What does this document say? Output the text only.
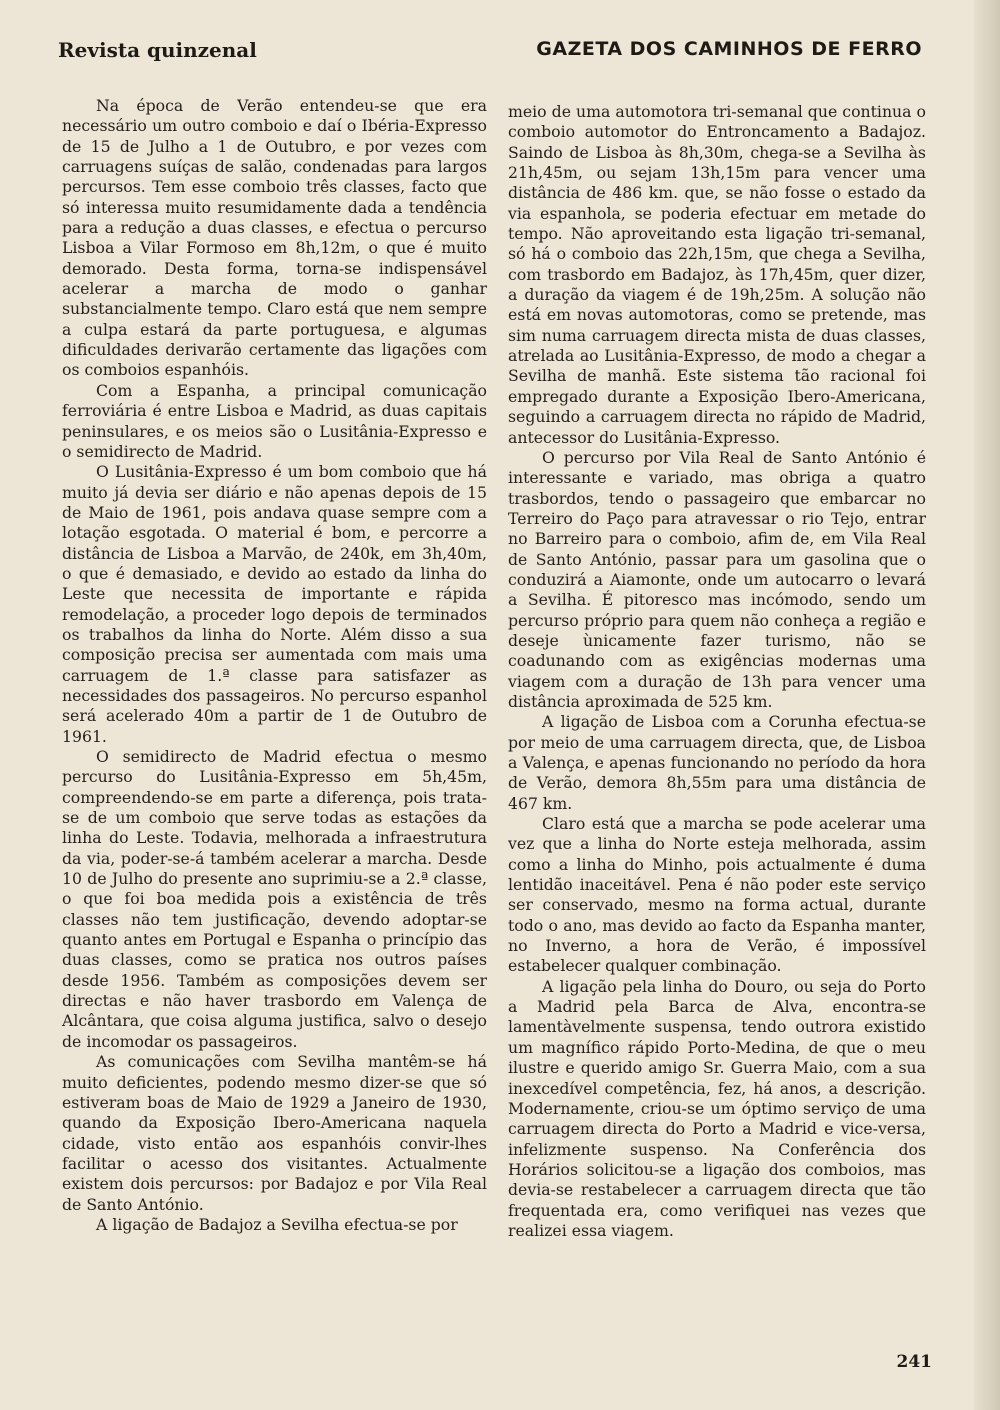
Revista quinzenal	GAZETA DOS CAMINHOS DE FERRO

Na época de Verão entendeu-se que era necessário um outro comboio e daí o Ibéria-Expresso de 15 de Julho a 1 de Outubro, e por vezes com carruagens suíças de salão, condenadas para largos percursos. Tem esse comboio três classes, facto que só interessa muito resumidamente dada a tendência para a redução a duas classes, e efectua o percurso Lisboa a Vilar Formoso em 8h,12m, o que é muito demorado. Desta forma, torna-se indispensável acelerar a marcha de modo o ganhar substancialmente tempo. Claro está que nem sempre a culpa estará da parte portuguesa, e algumas dificuldades derivarão certamente das ligações com os comboios espanhóis.

Com a Espanha, a principal comunicação ferroviária é entre Lisboa e Madrid, as duas capitais peninsulares, e os meios são o Lusitânia-Expresso e o semidirecto de Madrid.

O Lusitânia-Expresso é um bom comboio que há muito já devia ser diário e não apenas depois de 15 de Maio de 1961, pois andava quase sempre com a lotação esgotada. O material é bom, e percorre a distância de Lisboa a Marvão, de 240k, em 3h,40m, o que é demasiado, e devido ao estado da linha do Leste que necessita de importante e rápida remodelação, a proceder logo depois de terminados os trabalhos da linha do Norte. Além disso a sua composição precisa ser aumentada com mais uma carruagem de 1.ª classe para satisfazer as necessidades dos passageiros. No percurso espanhol será acelerado 40m a partir de 1 de Outubro de 1961.

O semidirecto de Madrid efectua o mesmo percurso do Lusitânia-Expresso em 5h,45m, compreendendo-se em parte a diferença, pois trata-se de um comboio que serve todas as estações da linha do Leste. Todavia, melhorada a infraestrutura da via, poder-se-á também acelerar a marcha. Desde 10 de Julho do presente ano suprimiu-se a 2.ª classe, o que foi boa medida pois a existência de três classes não tem justificação, devendo adoptar-se quanto antes em Portugal e Espanha o princípio das duas classes, como se pratica nos outros países desde 1956. Também as composições devem ser directas e não haver trasbordo em Valença de Alcântara, que coisa alguma justifica, salvo o desejo de incomodar os passageiros.

As comunicações com Sevilha mantêm-se há muito deficientes, podendo mesmo dizer-se que só estiveram boas de Maio de 1929 a Janeiro de 1930, quando da Exposição Ibero-Americana naquela cidade, visto então aos espanhóis convir-lhes facilitar o acesso dos visitantes. Actualmente existem dois percursos: por Badajoz e por Vila Real de Santo António.

A ligação de Badajoz a Sevilha efectua-se por

meio de uma automotora tri-semanal que continua o comboio automotor do Entroncamento a Badajoz. Saindo de Lisboa às 8h,30m, chega-se a Sevilha às 21h,45m, ou sejam 13h,15m para vencer uma distância de 486 km. que, se não fosse o estado da via espanhola, se poderia efectuar em metade do tempo. Não aproveitando esta ligação tri-semanal, só há o comboio das 22h,15m, que chega a Sevilha, com trasbordo em Badajoz, às 17h,45m, quer dizer, a duração da viagem é de 19h,25m. A solução não está em novas automotoras, como se pretende, mas sim numa carruagem directa mista de duas classes, atrelada ao Lusitânia-Expresso, de modo a chegar a Sevilha de manhã. Este sistema tão racional foi empregado durante a Exposição Ibero-Americana, seguindo a carruagem directa no rápido de Madrid, antecessor do Lusitânia-Expresso.

O percurso por Vila Real de Santo António é interessante e variado, mas obriga a quatro trasbordos, tendo o passageiro que embarcar no Terreiro do Paço para atravessar o rio Tejo, entrar no Barreiro para o comboio, afim de, em Vila Real de Santo António, passar para um gasolina que o conduzirá a Aiamonte, onde um autocarro o levará a Sevilha. É pitoresco mas incómodo, sendo um percurso próprio para quem não conheça a região e deseje ùnicamente fazer turismo, não se coadunando com as exigências modernas uma viagem com a duração de 13h para vencer uma distância aproximada de 525 km.

A ligação de Lisboa com a Corunha efectua-se por meio de uma carruagem directa, que, de Lisboa a Valença, e apenas funcionando no período da hora de Verão, demora 8h,55m para uma distância de 467 km.

Claro está que a marcha se pode acelerar uma vez que a linha do Norte esteja melhorada, assim como a linha do Minho, pois actualmente é duma lentidão inaceitável. Pena é não poder este serviço ser conservado, mesmo na forma actual, durante todo o ano, mas devido ao facto da Espanha manter, no Inverno, a hora de Verão, é impossível estabelecer qualquer combinação.

A ligação pela linha do Douro, ou seja do Porto a Madrid pela Barca de Alva, encontra-se lamentàvelmente suspensa, tendo outrora existido um magnífico rápido Porto-Medina, de que o meu ilustre e querido amigo Sr. Guerra Maio, com a sua inexcedível competência, fez, há anos, a descrição. Modernamente, criou-se um óptimo serviço de uma carruagem directa do Porto a Madrid e vice-versa, infelizmente suspenso. Na Conferência dos Horários solicitou-se a ligação dos comboios, mas devia-se restabelecer a carruagem directa que tão frequentada era, como verifiquei nas vezes que realizei essa viagem.

241
